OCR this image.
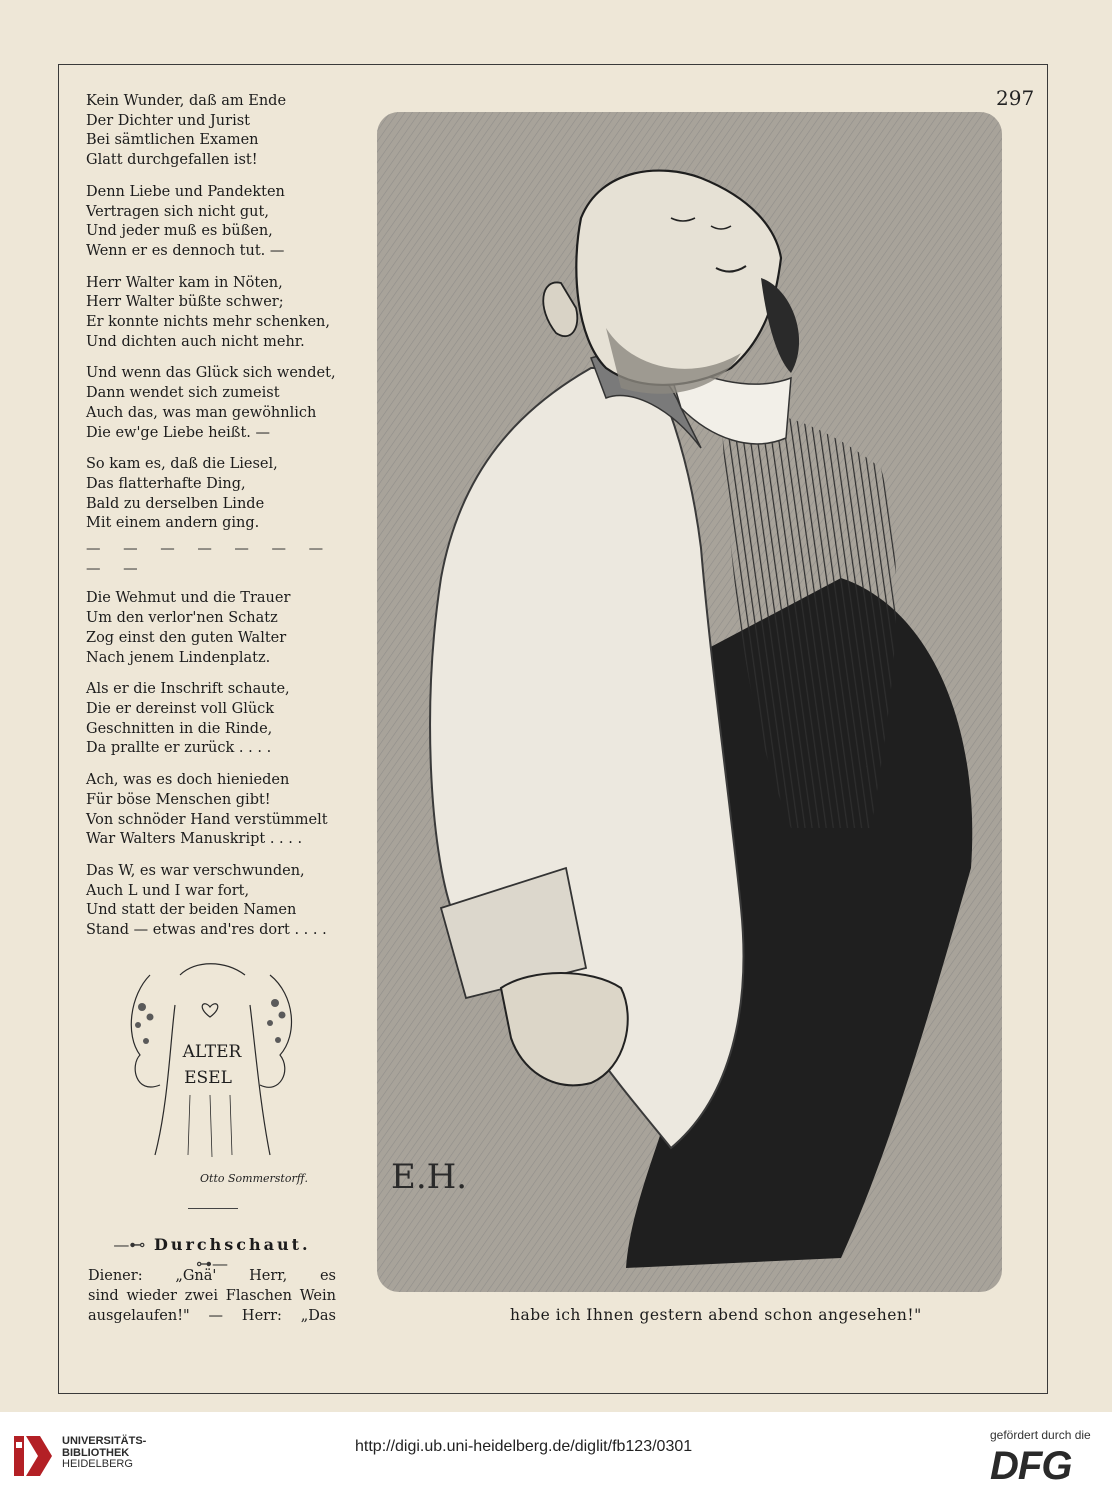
297
Kein Wunder, daß am Ende
Der Dichter und Jurist
Bei sämtlichen Examen
Glatt durchgefallen ist!
Denn Liebe und Pandekten
Vertragen sich nicht gut,
Und jeder muß es büßen,
Wenn er es dennoch tut. —
Herr Walter kam in Nöten,
Herr Walter büßte schwer;
Er konnte nichts mehr schenken,
Und dichten auch nicht mehr.
Und wenn das Glück sich wendet,
Dann wendet sich zumeist
Auch das, was man gewöhnlich
Die ew'ge Liebe heißt. —
So kam es, daß die Liesel,
Das flatterhafte Ding,
Bald zu derselben Linde
Mit einem andern ging.
— — — — — — — — —
Die Wehmut und die Trauer
Um den verlor'nen Schatz
Zog einst den guten Walter
Nach jenem Lindenplatz.
Als er die Inschrift schaute,
Die er dereinst voll Glück
Geschnitten in die Rinde,
Da prallte er zurück . . . .
Ach, was es doch hienieden
Für böse Menschen gibt!
Von schnöder Hand verstümmelt
War Walters Manuskript . . . .
Das W, es war verschwunden,
Auch L und I war fort,
Und statt der beiden Namen
Stand — etwas and'res dort . . . .
ALTER
ESEL
Otto Sommerstorff.
—⊷ Durchschaut. ⊶—
Diener: „Gnä' Herr, es
sind wieder zwei Flaschen Wein
ausgelaufen!" — Herr: „Das
E.H.
habe ich Ihnen gestern abend schon angesehen!"
UNIVERSITÄTS-
BIBLIOTHEK
HEIDELBERG
http://digi.ub.uni-heidelberg.de/diglit/fb123/0301
gefördert durch die
DFG
